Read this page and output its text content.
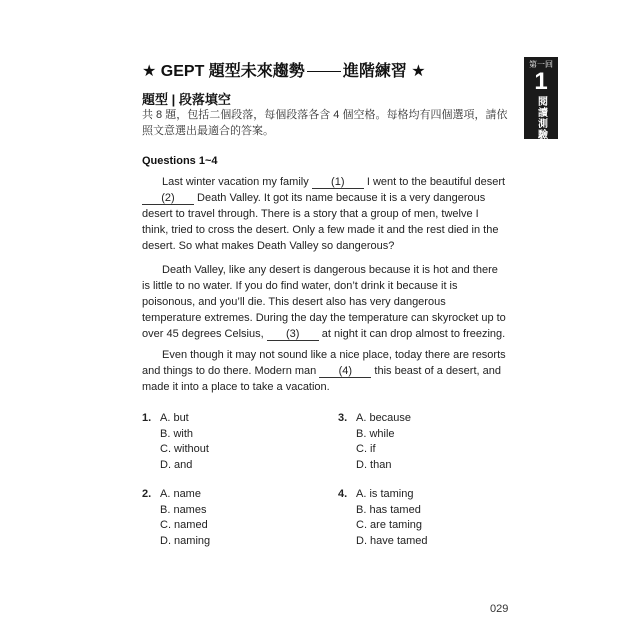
★ GEPT 題型未來趨勢 進階練習 ★	第一回
1
閱讀測驗
題型 | 段落填空
共 8 題，包括二個段落，每個段落各含 4 個空格。每格均有四個選項，請依照文意選出最適合的答案。
Questions 1~4

Last winter vacation my family (1) I went to the beautiful desert (2) Death Valley. It got its name because it is a very dangerous desert to travel through. There is a story that a group of men, twelve I think, tried to cross the desert. Only a few made it and the rest died in the desert. So what makes Death Valley so dangerous?

Death Valley, like any desert is dangerous because it is hot and there is little to no water. If you do find water, don’t drink it because it is poisonous, and you’ll die. This desert also has very dangerous temperature extremes. During the day the temperature can skyrocket up to over 45 degrees Celsius, (3) at night it can drop almost to freezing.

Even though it may not sound like a nice place, today there are resorts and things to do there. Modern man (4) this beast of a desert, and made it into a place to take a vacation.

1. A. but
B. with
C. without
D. and
2. A. name
B. names
C. named
D. naming
3. A. because
B. while
C. if
D. than
4. A. is taming
B. has tamed
C. are taming
D. have tamed
029
